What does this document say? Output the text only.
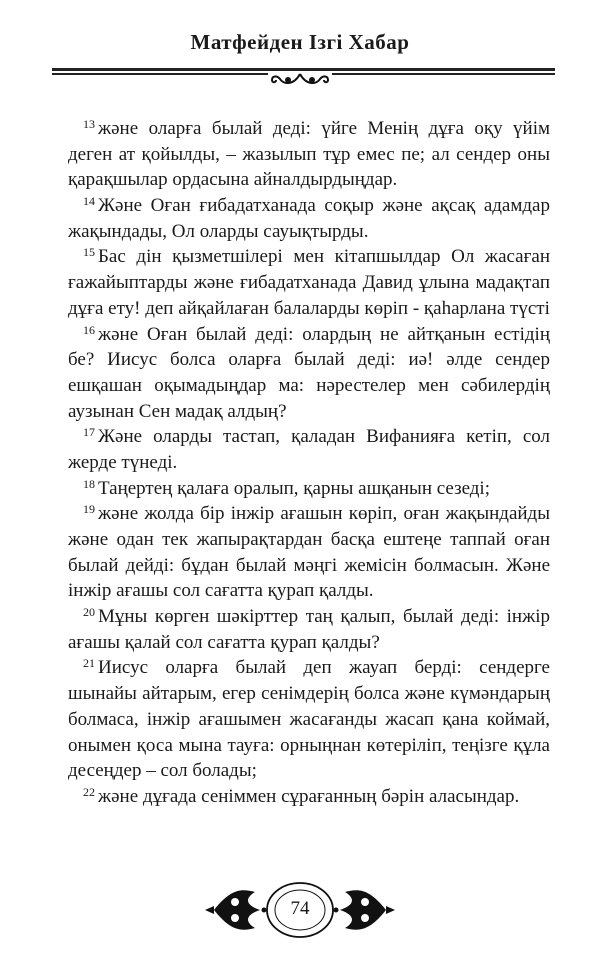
Матфейден Ізгі Хабар
$^{13}$ және оларға былай деді: үйге Менің дұға оқу үйім
деген ат қойылды, – жазылып тұр емес пе; ал сендер оны
қарақшылар ордасына айналдырдыңдар.
$^{14}$ Және Оған ғибадатханада соқыр және ақсақ адамдар
жақындады, Ол оларды сауықтырды.
$^{15}$ Бас дін қызметшілері мен кітапшылдар Ол жасаған
ғажайыптарды және ғибадатханада Давид ұлына мадақтап
дұға ету! деп айқайлаған балаларды көріп - қаһарлана түсті
$^{16}$ және Оған былай деді: олардың не айтқанын естідің
бе? Иисус болса оларға былай деді: иә! әлде сендер
ешқашан оқымадыңдар ма: нәрестелер мен сәбилердің
аузынан Сен мадақ алдың?
$^{17}$ Және оларды тастап, қаладан Вифанияға кетіп, сол
жерде түнеді.
$^{18}$ Таңертең қалаға оралып, қарны ашқанын сезеді;
$^{19}$ және жолда бір інжір ағашын көріп, оған жақындайды
және одан тек жапырақтардан басқа ештеңе таппай оған
былай дейді: бұдан былай мәңгі жемісін болмасын. Және
інжір ағашы сол сағатта қурап қалды.
$^{20}$ Мұны көрген шәкірттер таң қалып, былай деді: інжір
ағашы қалай сол сағатта қурап қалды?
$^{21}$ Иисус оларға былай деп жауап берді: сендерге
шынайы айтарым, егер сенімдерің болса және күмәндарың
болмаса, інжір ағашымен жасағанды жасап қана коймай,
онымен қоса мына тауға: орныңнан көтеріліп, теңізге құла
десеңдер – сол болады;
$^{22}$ және дұғада сеніммен сұрағанның бәрін аласындар.
74
